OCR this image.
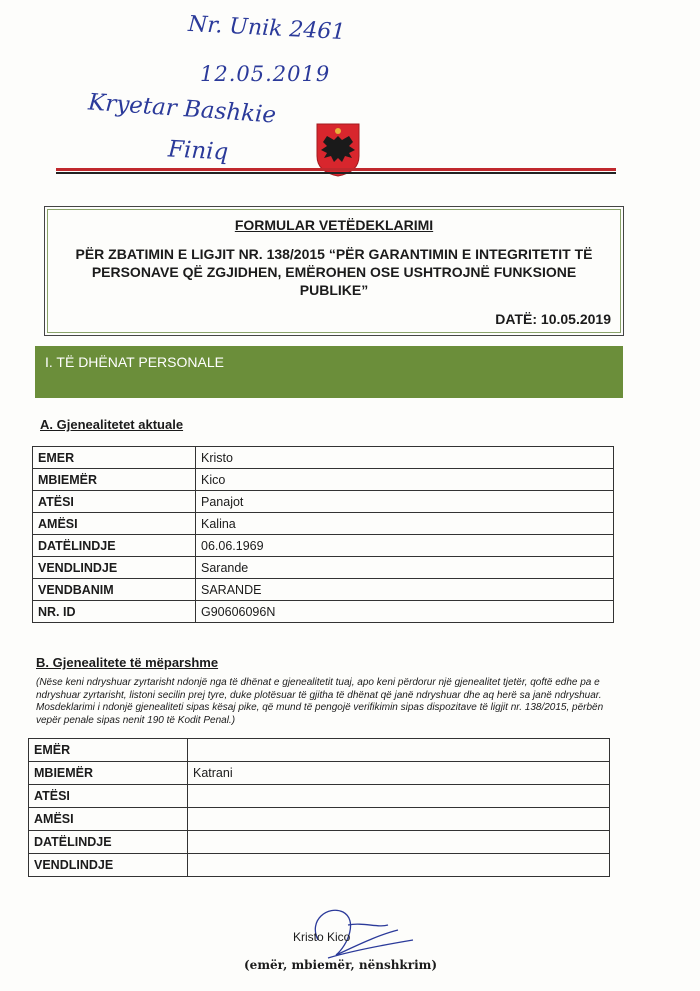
Nr. Unik 2461
12.05.2019
Kryetar Bashkie
Finiq
FORMULAR VETËDEKLARIMI
PËR ZBATIMIN E LIGJIT NR. 138/2015 “PËR GARANTIMIN E INTEGRITETIT TË PERSONAVE QË ZGJIDHEN, EMËROHEN OSE USHTROJNË FUNKSIONE PUBLIKE”
DATË: 10.05.2019
I. TË DHËNAT PERSONALE
A. Gjenealitetet aktuale
EMER	Kristo
MBIEMËR	Kico
ATËSI	Panajot
AMËSI	Kalina
DATËLINDJE	06.06.1969
VENDLINDJE	Sarande
VENDBANIM	SARANDE
NR. ID	G90606096N
B. Gjenealitete të mëparshme
(Nëse keni ndryshuar zyrtarisht ndonjë nga të dhënat e gjenealitetit tuaj, apo keni përdorur një gjenealitet tjetër, qoftë edhe pa e ndryshuar zyrtarisht, listoni secilin prej tyre, duke plotësuar të gjitha të dhënat që janë ndryshuar dhe aq herë sa janë ndryshuar. Mosdeklarimi i ndonjë gjenealiteti sipas kësaj pike, që mund të pengojë verifikimin sipas dispozitave të ligjit nr. 138/2015, përbën vepër penale sipas nenit 190 të Kodit Penal.)
EMËR	
MBIEMËR	Katrani
ATËSI	
AMËSI	
DATËLINDJE	
VENDLINDJE	
Kristo Kico
(emër, mbiemër, nënshkrim)
